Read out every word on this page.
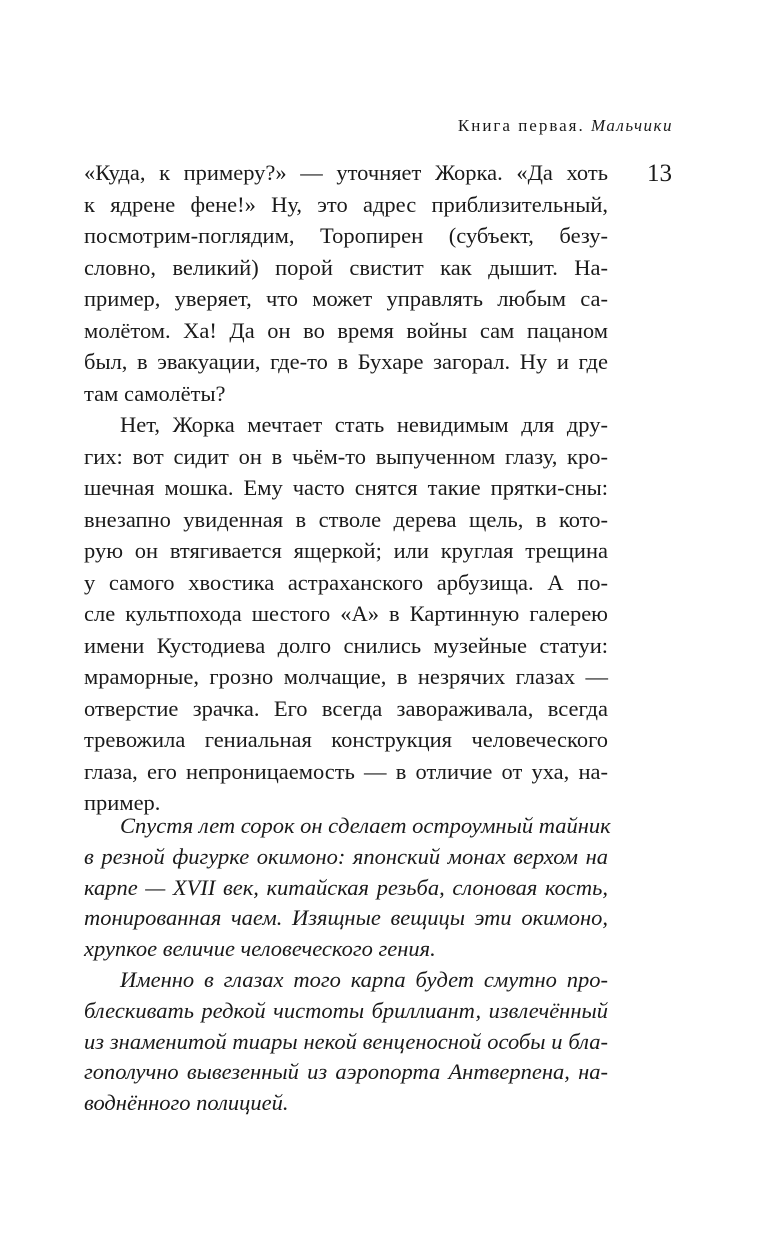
Книга первая. Мальчики
13
«Куда, к примеру?» — уточняет Жорка. «Да хоть
к ядрене фене!» Ну, это адрес приблизительный,
посмотрим-поглядим, Торопирен (субъект, безу-
словно, великий) порой свистит как дышит. На-
пример, уверяет, что может управлять любым са-
молётом. Ха! Да он во время войны сам пацаном
был, в эвакуации, где-то в Бухаре загорал. Ну и где
там самолёты?
Нет, Жорка мечтает стать невидимым для дру-
гих: вот сидит он в чьём-то выпученном глазу, кро-
шечная мошка. Ему часто снятся такие прятки-сны:
внезапно увиденная в стволе дерева щель, в кото-
рую он втягивается ящеркой; или круглая трещина
у самого хвостика астраханского арбузища. А по-
сле культпохода шестого «А» в Картинную галерею
имени Кустодиева долго снились музейные статуи:
мраморные, грозно молчащие, в незрячих глазах —
отверстие зрачка. Его всегда завораживала, всегда
тревожила гениальная конструкция человеческого
глаза, его непроницаемость — в отличие от уха, на-
пример.
Спустя лет сорок он сделает остроумный тайник
в резной фигурке окимоно: японский монах верхом на
карпе — XVII век, китайская резьба, слоновая кость,
тонированная чаем. Изящные вещицы эти окимоно,
хрупкое величие человеческого гения.
Именно в глазах того карпа будет смутно про-
блескивать редкой чистоты бриллиант, извлечённый
из знаменитой тиары некой венценосной особы и бла-
гополучно вывезенный из аэропорта Антверпена, на-
воднённого полицией.
